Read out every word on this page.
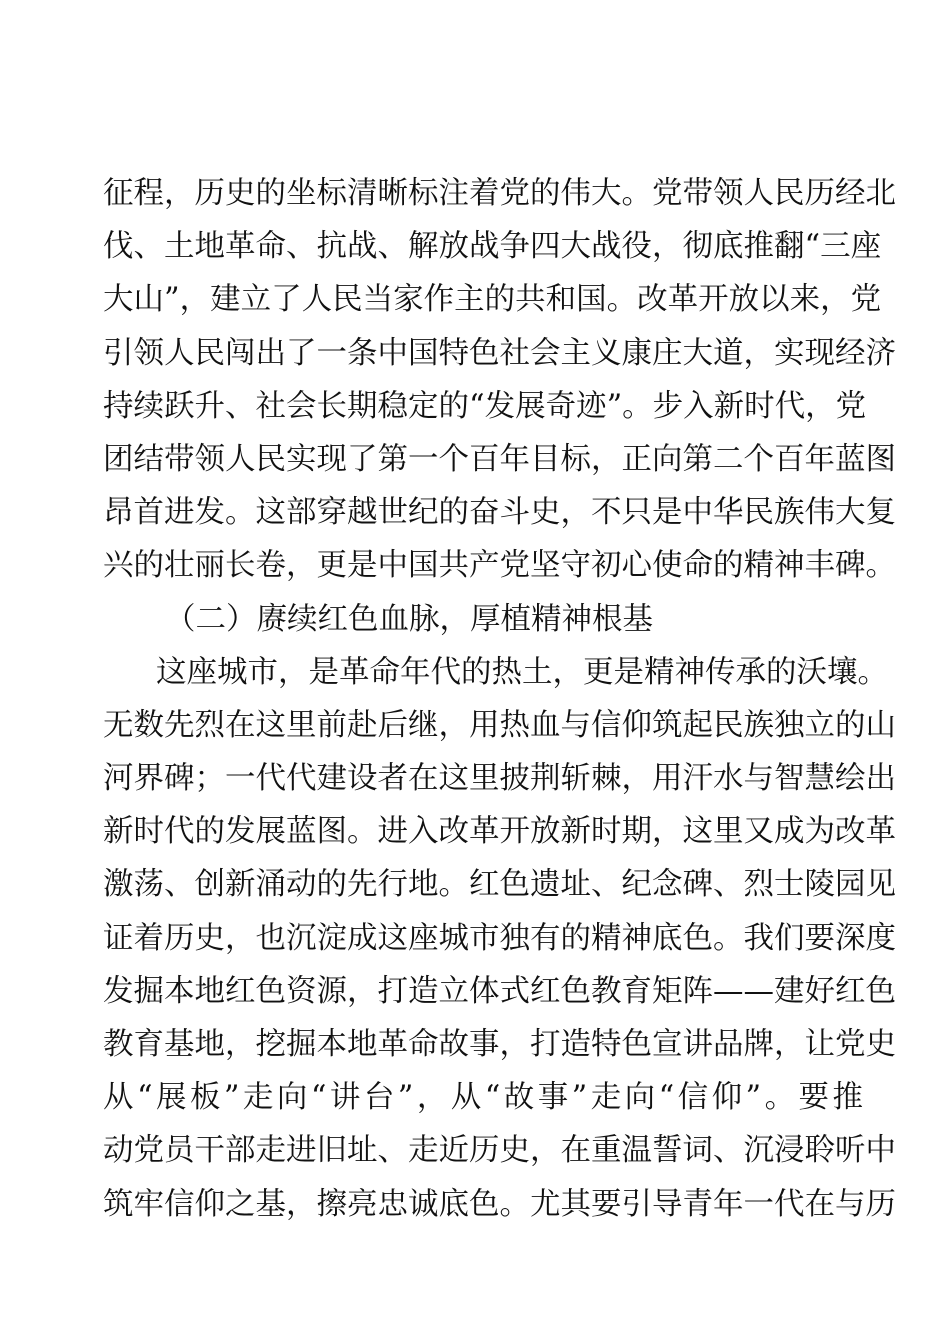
征程，历史的坐标清晰标注着党的伟大。党带领人民历经北
伐、土地革命、抗战、解放战争四大战役，彻底推翻“三座
大山”，建立了人民当家作主的共和国。改革开放以来，党
引领人民闯出了一条中国特色社会主义康庄大道，实现经济
持续跃升、社会长期稳定的“发展奇迹”。步入新时代，党
团结带领人民实现了第一个百年目标，正向第二个百年蓝图
昂首进发。这部穿越世纪的奋斗史，不只是中华民族伟大复
兴的壮丽长卷，更是中国共产党坚守初心使命的精神丰碑。
（二）赓续红色血脉，厚植精神根基
这座城市，是革命年代的热土，更是精神传承的沃壤。
无数先烈在这里前赴后继，用热血与信仰筑起民族独立的山
河界碑；一代代建设者在这里披荆斩棘，用汗水与智慧绘出
新时代的发展蓝图。进入改革开放新时期，这里又成为改革
激荡、创新涌动的先行地。红色遗址、纪念碑、烈士陵园见
证着历史，也沉淀成这座城市独有的精神底色。我们要深度
发掘本地红色资源，打造立体式红色教育矩阵——建好红色
教育基地，挖掘本地革命故事，打造特色宣讲品牌，让党史
从“展板”走向“讲台”，从“故事”走向“信仰”。要推
动党员干部走进旧址、走近历史，在重温誓词、沉浸聆听中
筑牢信仰之基，擦亮忠诚底色。尤其要引导青年一代在与历
